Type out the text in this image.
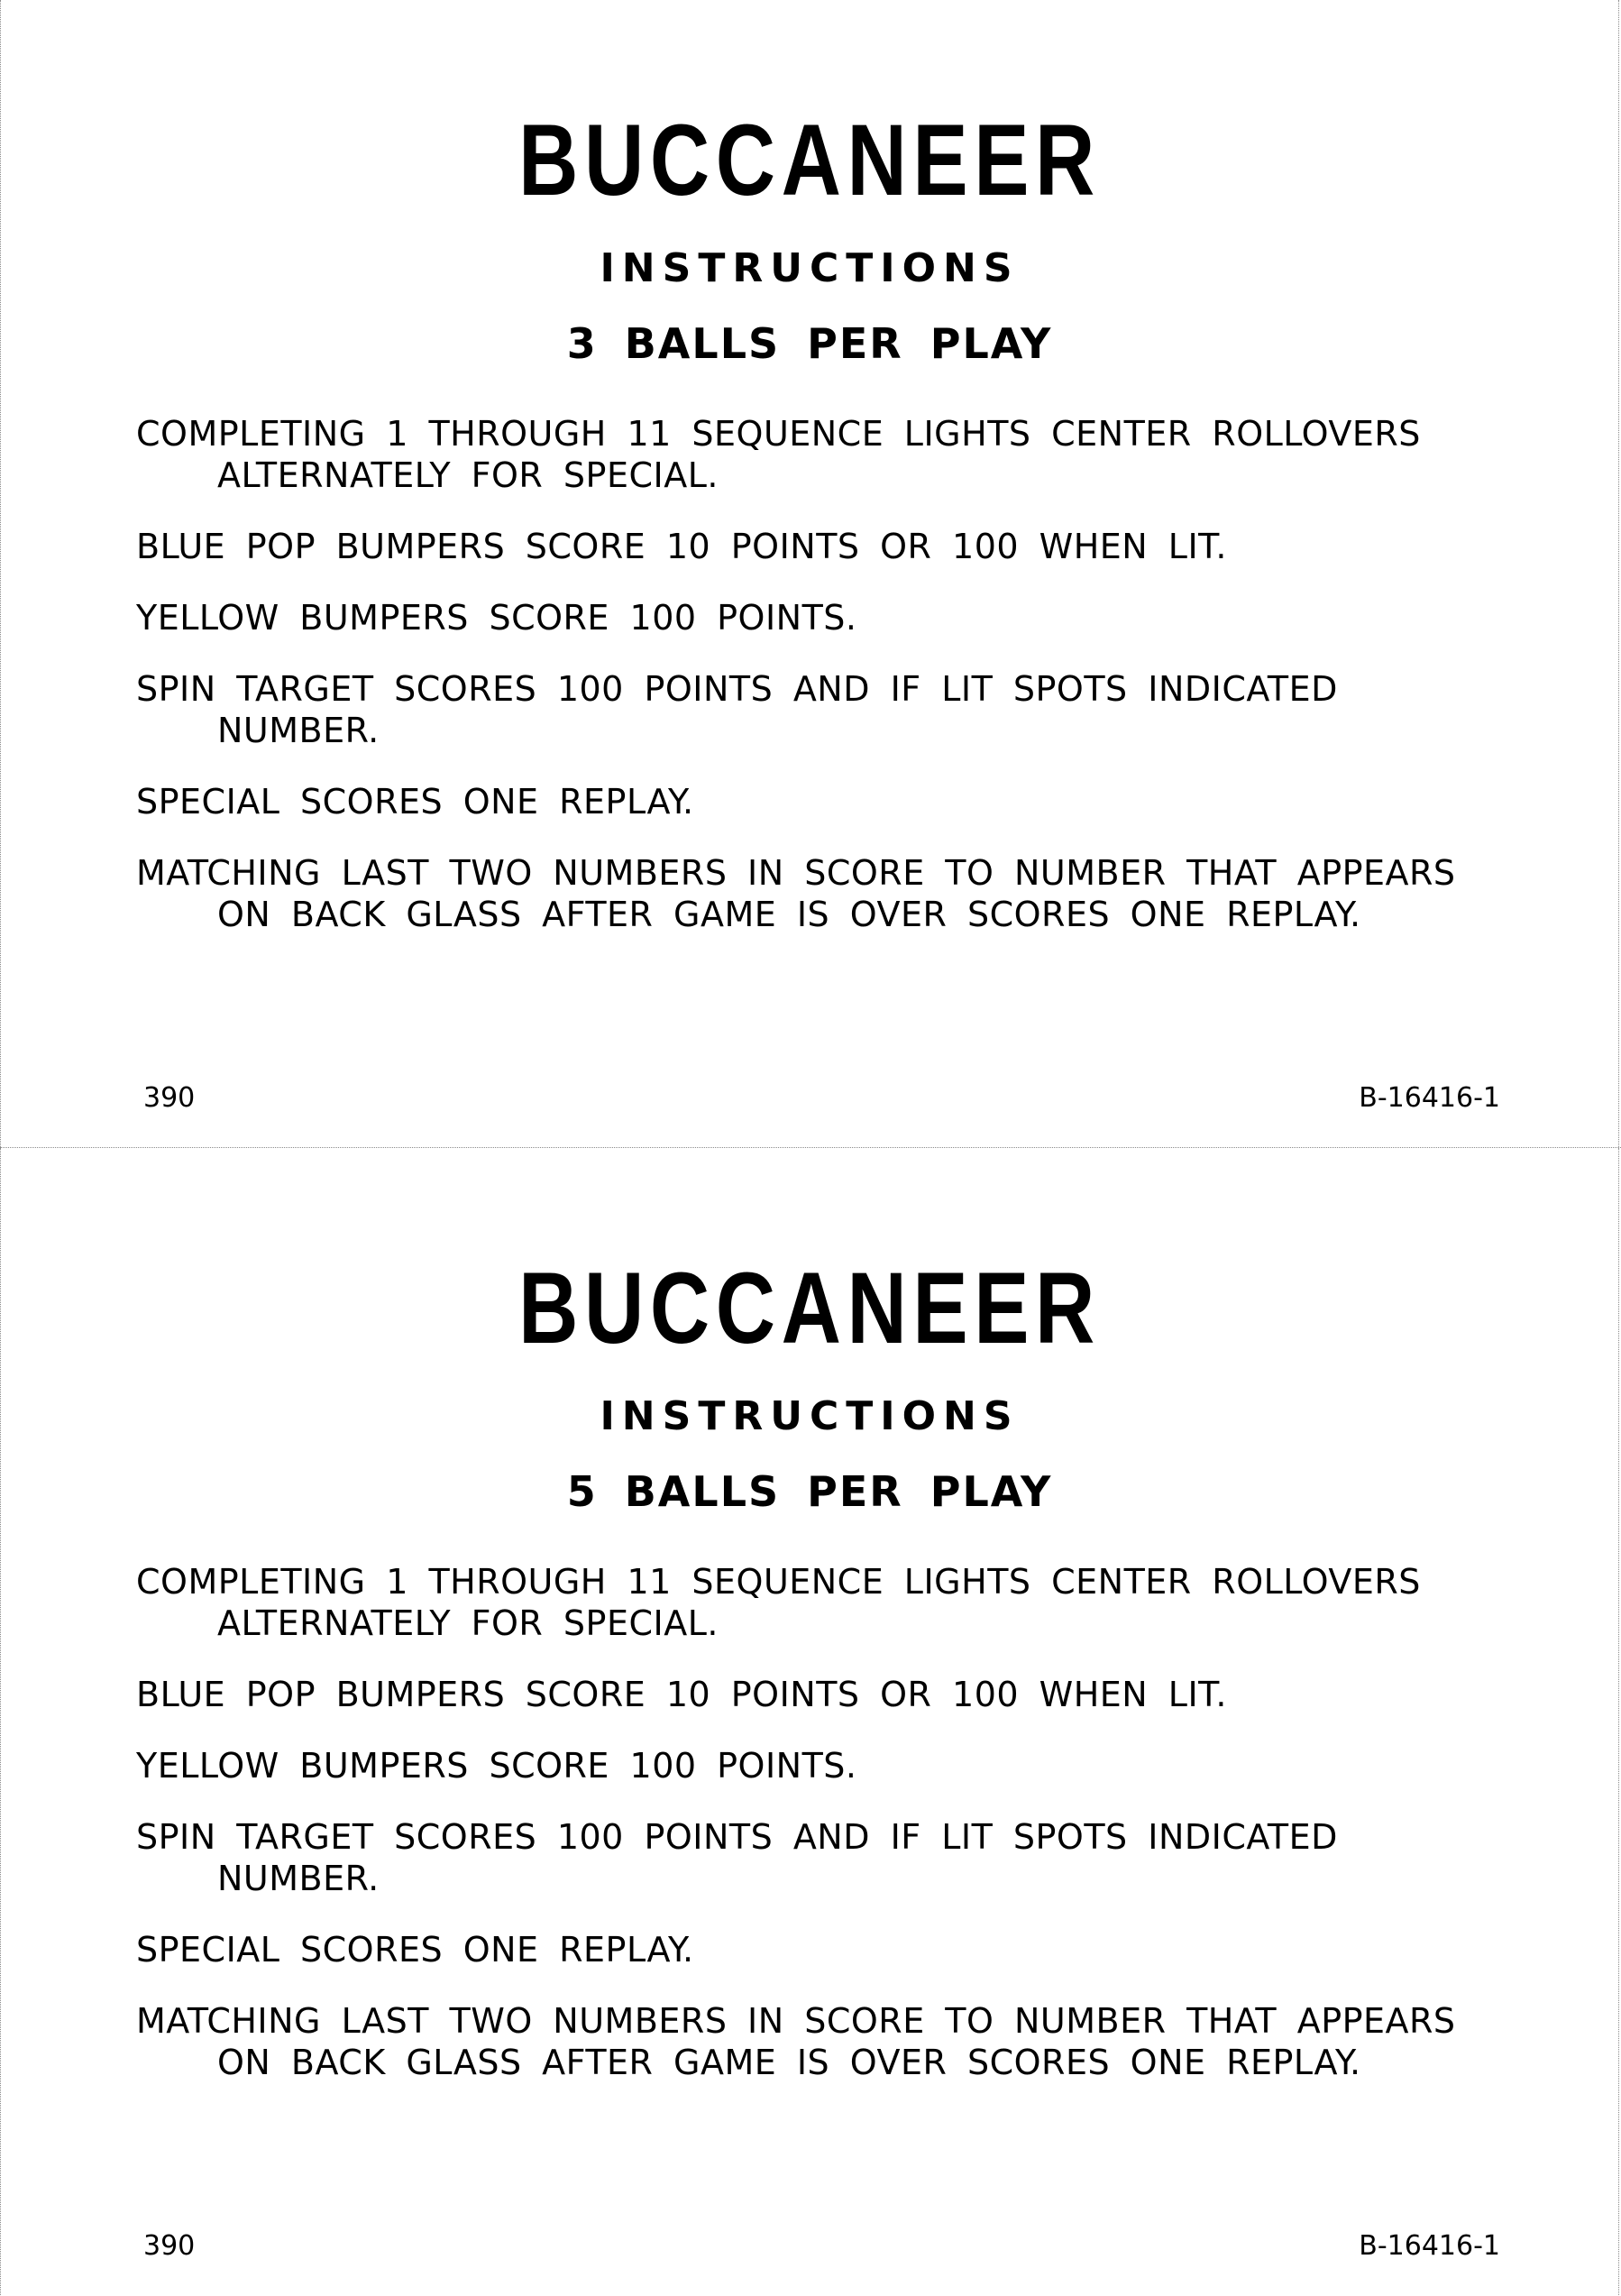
BUCCANEER
INSTRUCTIONS
3 BALLS PER PLAY
COMPLETING 1 THROUGH 11 SEQUENCE LIGHTS CENTER ROLLOVERS
ALTERNATELY FOR SPECIAL.
BLUE POP BUMPERS SCORE 10 POINTS OR 100 WHEN LIT.
YELLOW BUMPERS SCORE 100 POINTS.
SPIN TARGET SCORES 100 POINTS AND IF LIT SPOTS INDICATED
NUMBER.
SPECIAL SCORES ONE REPLAY.
MATCHING LAST TWO NUMBERS IN SCORE TO NUMBER THAT APPEARS
ON BACK GLASS AFTER GAME IS OVER SCORES ONE REPLAY.
390	B-16416-1
BUCCANEER
INSTRUCTIONS
5 BALLS PER PLAY
COMPLETING 1 THROUGH 11 SEQUENCE LIGHTS CENTER ROLLOVERS
ALTERNATELY FOR SPECIAL.
BLUE POP BUMPERS SCORE 10 POINTS OR 100 WHEN LIT.
YELLOW BUMPERS SCORE 100 POINTS.
SPIN TARGET SCORES 100 POINTS AND IF LIT SPOTS INDICATED
NUMBER.
SPECIAL SCORES ONE REPLAY.
MATCHING LAST TWO NUMBERS IN SCORE TO NUMBER THAT APPEARS
ON BACK GLASS AFTER GAME IS OVER SCORES ONE REPLAY.
390	B-16416-1
